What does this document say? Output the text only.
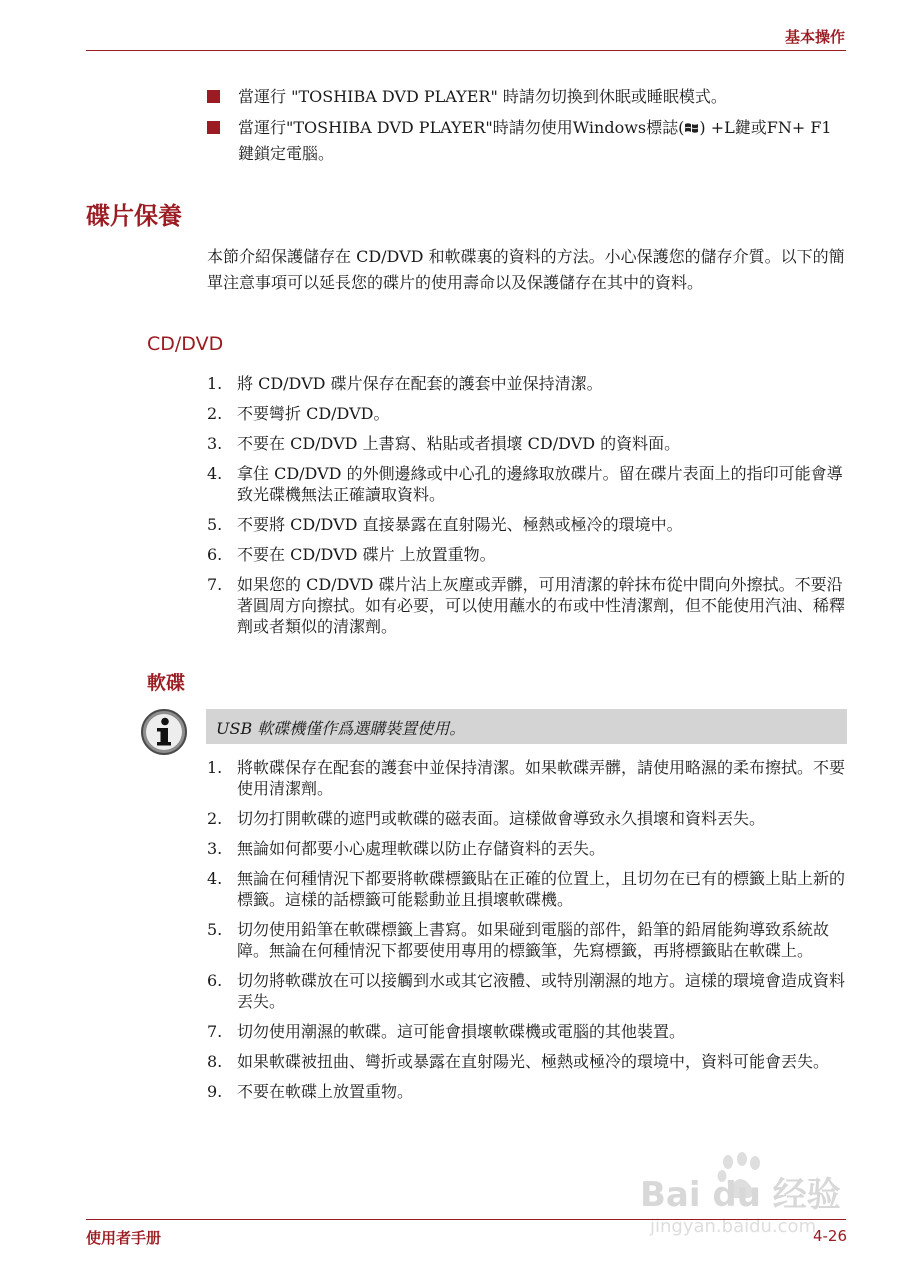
基本操作
當運行 "TOSHIBA DVD PLAYER" 時請勿切換到休眠或睡眠模式。
當運行"TOSHIBA DVD PLAYER"時請勿使用Windows標誌( ) +L鍵或FN+ F1 鍵鎖定電腦。
碟片保養

本節介紹保護儲存在 CD/DVD 和軟碟裏的資料的方法。小心保護您的儲存介質。以下的簡單注意事項可以延長您的碟片的使用壽命以及保護儲存在其中的資料。

CD/DVD
1. 將 CD/DVD 碟片保存在配套的護套中並保持清潔。
2. 不要彎折 CD/DVD。
3. 不要在 CD/DVD 上書寫、粘貼或者損壞 CD/DVD 的資料面。
4. 拿住 CD/DVD 的外側邊緣或中心孔的邊緣取放碟片。留在碟片表面上的指印可能會導致光碟機無法正確讀取資料。
5. 不要將 CD/DVD 直接暴露在直射陽光、極熱或極冷的環境中。
6. 不要在 CD/DVD 碟片 上放置重物。
7. 如果您的 CD/DVD 碟片沾上灰塵或弄髒，可用清潔的幹抹布從中間向外擦拭。不要沿著圓周方向擦拭。如有必要，可以使用蘸水的布或中性清潔劑，但不能使用汽油、稀釋劑或者類似的清潔劑。
軟碟
USB 軟碟機僅作爲選購裝置使用。
1. 將軟碟保存在配套的護套中並保持清潔。如果軟碟弄髒，請使用略濕的柔布擦拭。不要使用清潔劑。
2. 切勿打開軟碟的遮門或軟碟的磁表面。這樣做會導致永久損壞和資料丟失。
3. 無論如何都要小心處理軟碟以防止存儲資料的丟失。
4. 無論在何種情況下都要將軟碟標籤貼在正確的位置上，且切勿在已有的標籤上貼上新的標籤。這樣的話標籤可能鬆動並且損壞軟碟機。
5. 切勿使用鉛筆在軟碟標籤上書寫。如果碰到電腦的部件，鉛筆的鉛屑能夠導致系統故障。無論在何種情況下都要使用專用的標籤筆，先寫標籤，再將標籤貼在軟碟上。
6. 切勿將軟碟放在可以接觸到水或其它液體、或特別潮濕的地方。這樣的環境會造成資料丟失。
7. 切勿使用潮濕的軟碟。這可能會損壞軟碟機或電腦的其他裝置。
8. 如果軟碟被扭曲、彎折或暴露在直射陽光、極熱或極冷的環境中，資料可能會丟失。
9. 不要在軟碟上放置重物。
Bai du 经验
jingyan.baidu.com
使用者手册	4-26
